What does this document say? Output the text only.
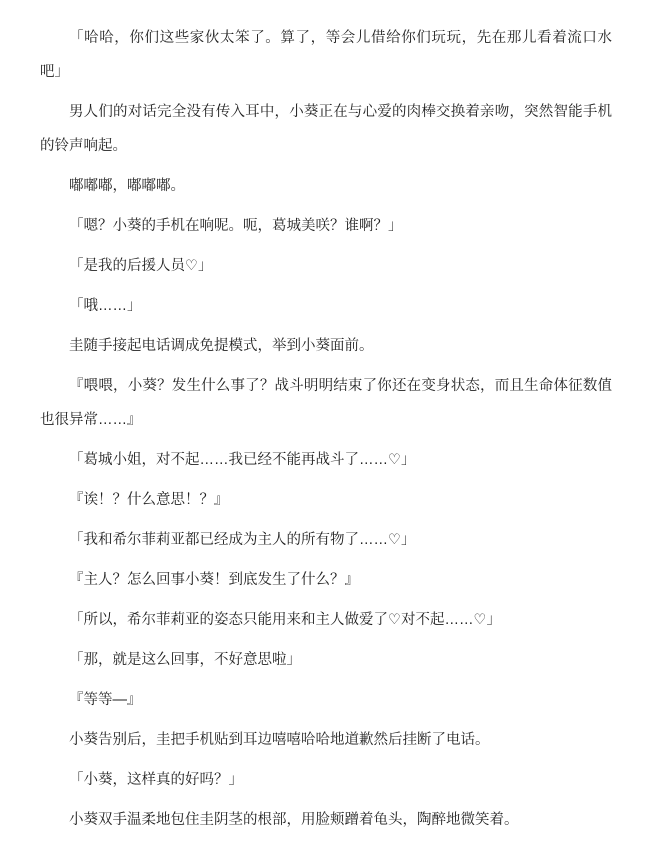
「哈哈，你们这些家伙太笨了。算了，等会儿借给你们玩玩，先在那儿看着流口水吧」

男人们的对话完全没有传入耳中，小葵正在与心爱的肉棒交换着亲吻，突然智能手机的铃声响起。

嘟嘟嘟，嘟嘟嘟。

「嗯？小葵的手机在响呢。呃，葛城美咲？谁啊？」

「是我的后援人员♡」

「哦……」

圭随手接起电话调成免提模式，举到小葵面前。

『喂喂，小葵？发生什么事了？战斗明明结束了你还在变身状态，而且生命体征数值也很异常……』

「葛城小姐，对不起……我已经不能再战斗了……♡」

『诶！？什么意思！？』

「我和希尔菲莉亚都已经成为主人的所有物了……♡」

『主人？怎么回事小葵！到底发生了什么？』

「所以，希尔菲莉亚的姿态只能用来和主人做爱了♡对不起……♡」

「那，就是这么回事，不好意思啦」

『等等—』

小葵告别后，圭把手机贴到耳边嘻嘻哈哈地道歉然后挂断了电话。

「小葵，这样真的好吗？」

小葵双手温柔地包住圭阴茎的根部，用脸颊蹭着龟头，陶醉地微笑着。
